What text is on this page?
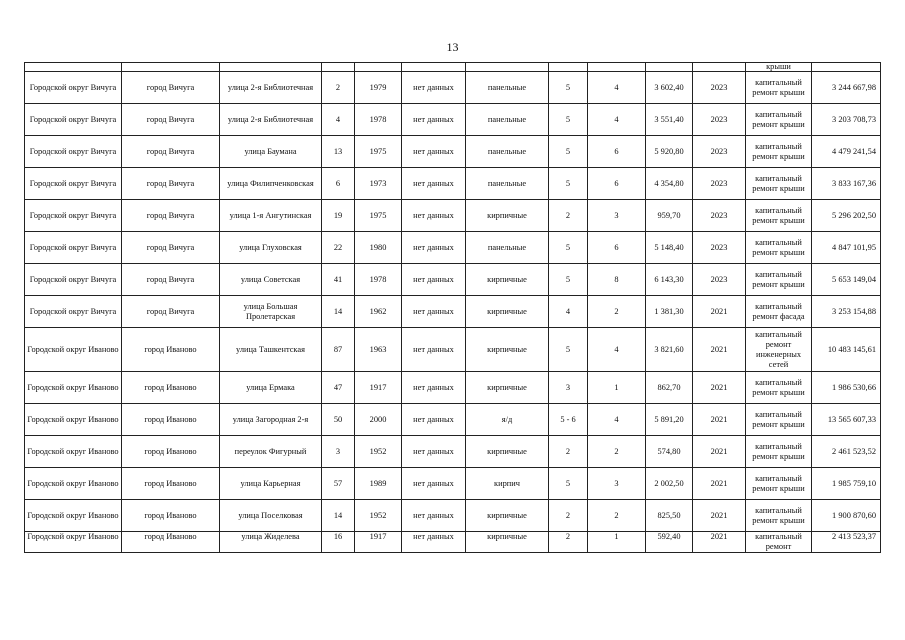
13
											крыши	
Городской округ Вичуга	город Вичуга	улица 2-я Библиотечная	2	1979	нет данных	панельные	5	4	3 602,40	2023	капитальный ремонт крыши	3 244 667,98
Городской округ Вичуга	город Вичуга	улица 2-я Библиотечная	4	1978	нет данных	панельные	5	4	3 551,40	2023	капитальный ремонт крыши	3 203 708,73
Городской округ Вичуга	город Вичуга	улица Баумана	13	1975	нет данных	панельные	5	6	5 920,80	2023	капитальный ремонт крыши	4 479 241,54
Городской округ Вичуга	город Вичуга	улица Филипченковская	6	1973	нет данных	панельные	5	6	4 354,80	2023	капитальный ремонт крыши	3 833 167,36
Городской округ Вичуга	город Вичуга	улица 1-я Ангутинская	19	1975	нет данных	кирпичные	2	3	959,70	2023	капитальный ремонт крыши	5 296 202,50
Городской округ Вичуга	город Вичуга	улица Глуховская	22	1980	нет данных	панельные	5	6	5 148,40	2023	капитальный ремонт крыши	4 847 101,95
Городской округ Вичуга	город Вичуга	улица Советская	41	1978	нет данных	кирпичные	5	8	6 143,30	2023	капитальный ремонт крыши	5 653 149,04
Городской округ Вичуга	город Вичуга	улица Большая Пролетарская	14	1962	нет данных	кирпичные	4	2	1 381,30	2021	капитальный ремонт фасада	3 253 154,88
Городской округ Иваново	город Иваново	улица Ташкентская	87	1963	нет данных	кирпичные	5	4	3 821,60	2021	капитальный ремонт инженерных сетей	10 483 145,61
Городской округ Иваново	город Иваново	улица Ермака	47	1917	нет данных	кирпичные	3	1	862,70	2021	капитальный ремонт крыши	1 986 530,66
Городской округ Иваново	город Иваново	улица Загородная 2-я	50	2000	нет данных	я/д	5 - 6	4	5 891,20	2021	капитальный ремонт крыши	13 565 607,33
Городской округ Иваново	город Иваново	переулок Фигурный	3	1952	нет данных	кирпичные	2	2	574,80	2021	капитальный ремонт крыши	2 461 523,52
Городской округ Иваново	город Иваново	улица Карьерная	57	1989	нет данных	кирпич	5	3	2 002,50	2021	капитальный ремонт крыши	1 985 759,10
Городской округ Иваново	город Иваново	улица Поселковая	14	1952	нет данных	кирпичные	2	2	825,50	2021	капитальный ремонт крыши	1 900 870,60
Городской округ Иваново	город Иваново	улица Жиделева	16	1917	нет данных	кирпичные	2	1	592,40	2021	капитальный ремонт	2 413 523,37
